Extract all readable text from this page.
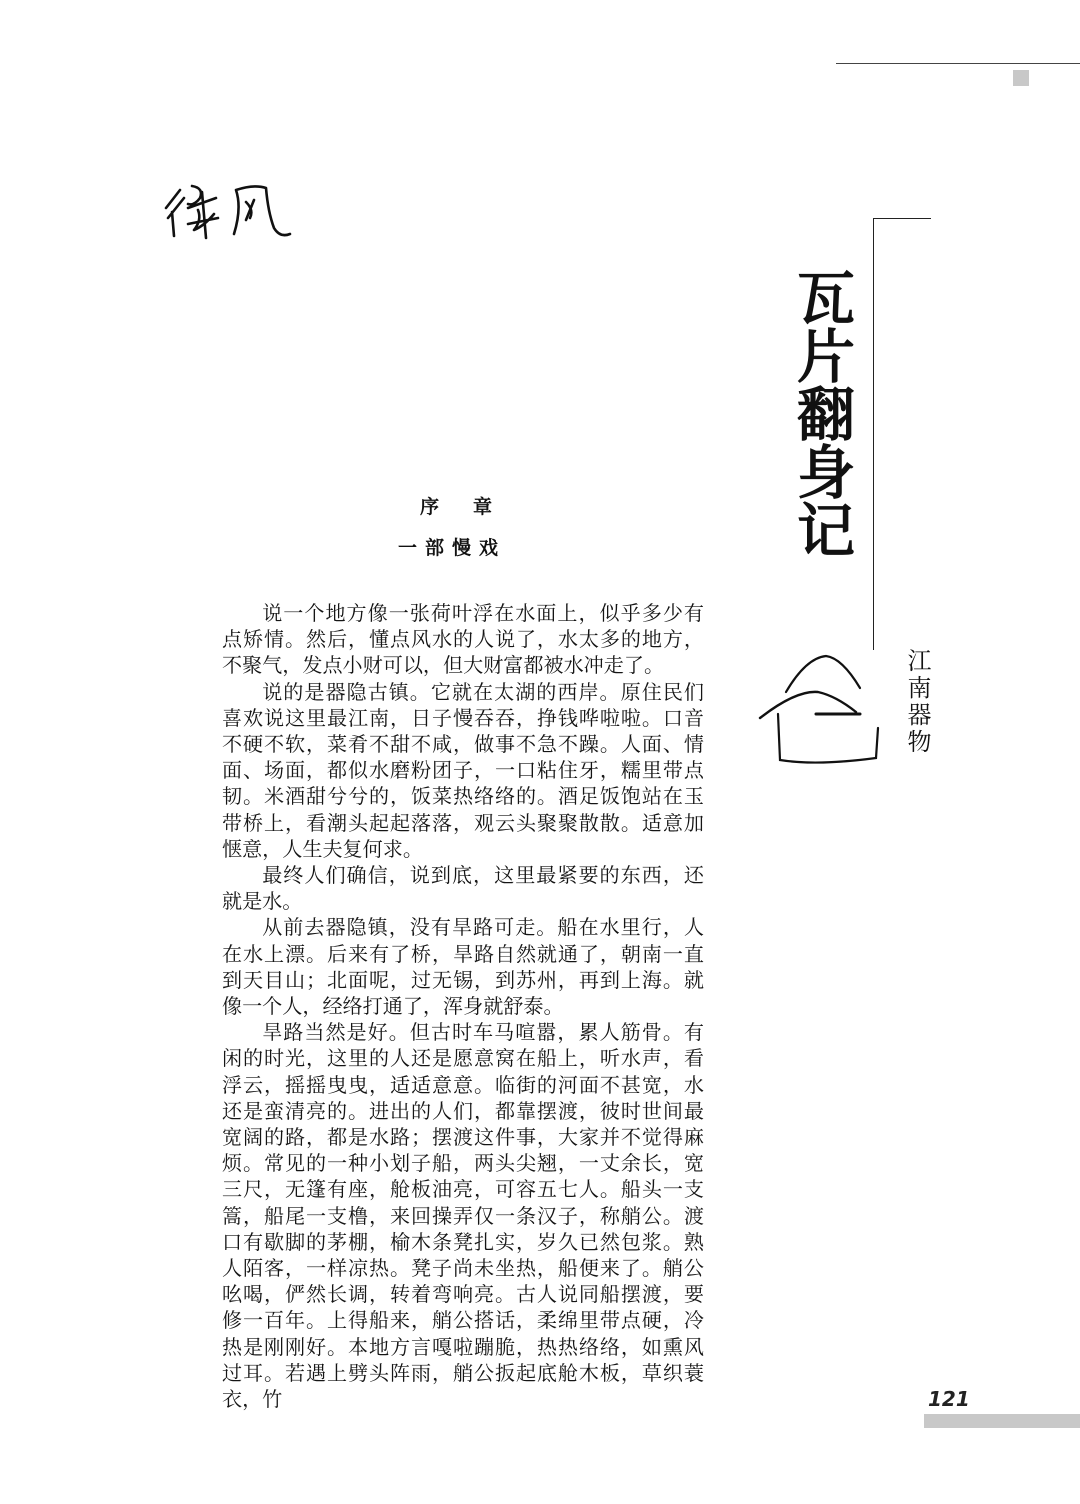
瓦片翻身记
江南器物
序章
一部慢戏

说一个地方像一张荷叶浮在水面上，似乎多少有点矫情。然后，懂点风水的人说了，水太多的地方，不聚气，发点小财可以，但大财富都被水冲走了。

说的是器隐古镇。它就在太湖的西岸。原住民们喜欢说这里最江南，日子慢吞吞，挣钱哗啦啦。口音不硬不软，菜肴不甜不咸，做事不急不躁。人面、情面、场面，都似水磨粉团子，一口粘住牙，糯里带点韧。米酒甜兮兮的，饭菜热络络的。酒足饭饱站在玉带桥上，看潮头起起落落，观云头聚聚散散。适意加惬意，人生夫复何求。

最终人们确信，说到底，这里最紧要的东西，还就是水。

从前去器隐镇，没有旱路可走。船在水里行，人在水上漂。后来有了桥，旱路自然就通了，朝南一直到天目山；北面呢，过无锡，到苏州，再到上海。就像一个人，经络打通了，浑身就舒泰。

旱路当然是好。但古时车马喧嚣，累人筋骨。有闲的时光，这里的人还是愿意窝在船上，听水声，看浮云，摇摇曳曳，适适意意。临街的河面不甚宽，水还是蛮清亮的。进出的人们，都靠摆渡，彼时世间最宽阔的路，都是水路；摆渡这件事，大家并不觉得麻烦。常见的一种小划子船，两头尖翘，一丈余长，宽三尺，无篷有座，舱板油亮，可容五七人。船头一支篙，船尾一支橹，来回操弄仅一条汉子，称艄公。渡口有歇脚的茅棚，榆木条凳扎实，岁久已然包浆。熟人陌客，一样凉热。凳子尚未坐热，船便来了。艄公吆喝，俨然长调，转着弯响亮。古人说同船摆渡，要修一百年。上得船来，艄公搭话，柔绵里带点硬，冷热是刚刚好。本地方言嘎啦蹦脆，热热络络，如熏风过耳。若遇上劈头阵雨，艄公扳起底舱木板，草织蓑衣，竹	121
